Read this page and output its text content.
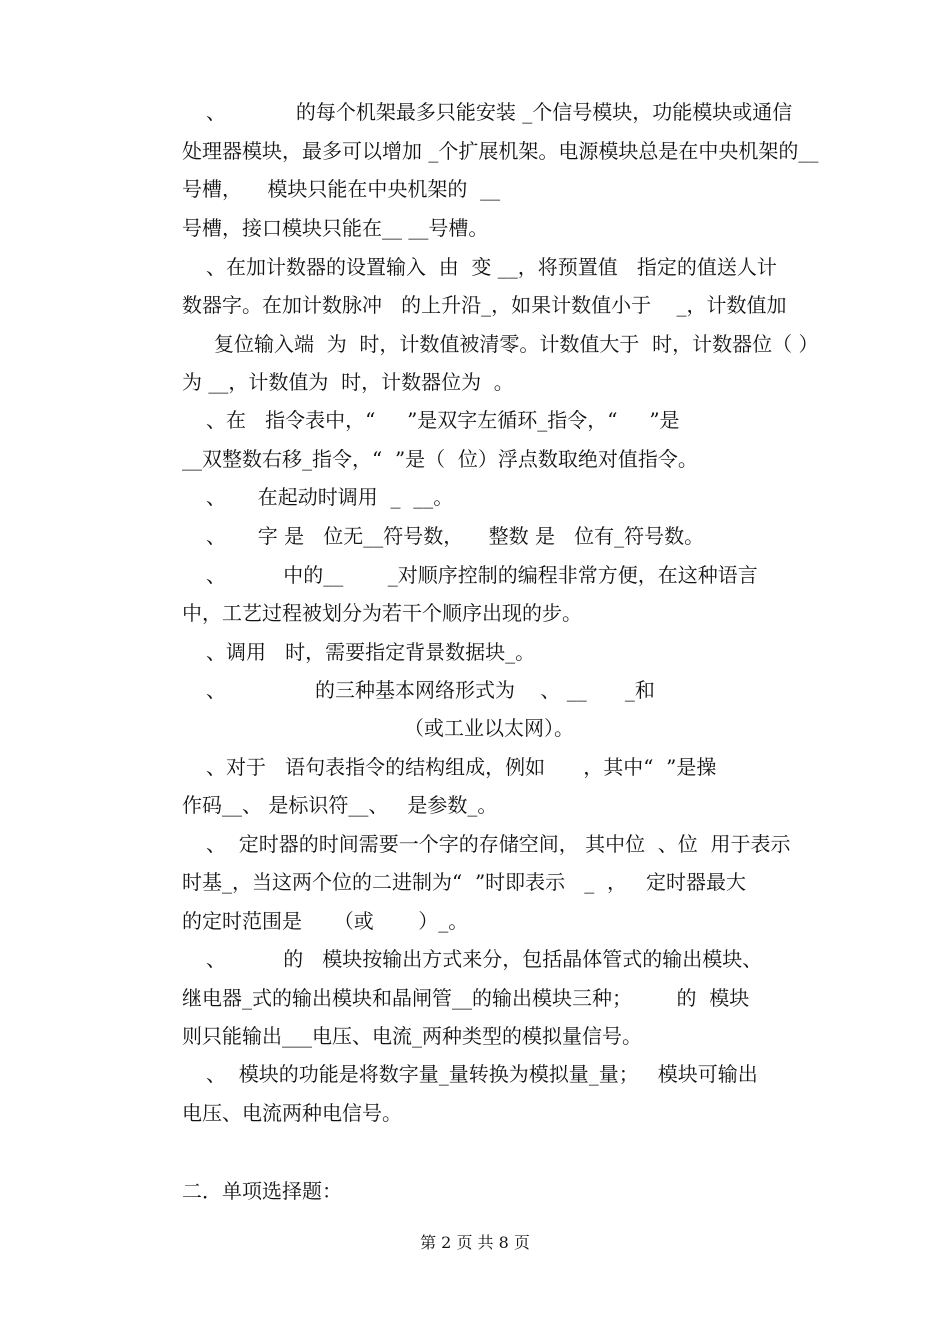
、           的每个机架最多只能安装 _个信号模块，功能模块或通信
处理器模块，最多可以增加 _个扩展机架。电源模块总是在中央机架的__
号槽，    模块只能在中央机架的  __
号槽，接口模块只能在__ __号槽。
、在加计数器的设置输入  由  变 __，将预置值   指定的值送人计
数器字。在加计数脉冲   的上升沿_，如果计数值小于    _，计数值加
复位输入端  为  时，计数值被清零。计数值大于  时，计数器位（ ）
为 __，计数值为  时，计数器位为  。
、在   指令表中，“     ”是双字左循环_指令，“     ”是
__双整数右移_指令，“  ”是（  位）浮点数取绝对值指令。
、     在起动时调用  _  __。
、     字 是   位无__符号数，    整数 是   位有_符号数。
、         中的__       _对顺序控制的编程非常方便，在这种语言
中，工艺过程被划分为若干个顺序出现的步。
、调用   时，需要指定背景数据块_。
、              的三种基本网络形式为    、 __      _和
（或工业以太网）。
、对于   语句表指令的结构组成，例如      ，其中“  ”是操
作码__、 是标识符__、   是参数_。
、  定时器的时间需要一个字的存储空间， 其中位  、位  用于表示
时基_，当这两个位的二进制为“  ”时即表示   _  ，   定时器最大
的定时范围是     （或       ）_。
、         的   模块按输出方式来分，包括晶体管式的输出模块、
继电器_式的输出模块和晶闸管__的输出模块三种；       的  模块
则只能输出___电压、电流_两种类型的模拟量信号。
、  模块的功能是将数字量_量转换为模拟量_量；   模块可输出
电压、电流两种电信号。
二．单项选择题：
第 2 页 共 8 页
